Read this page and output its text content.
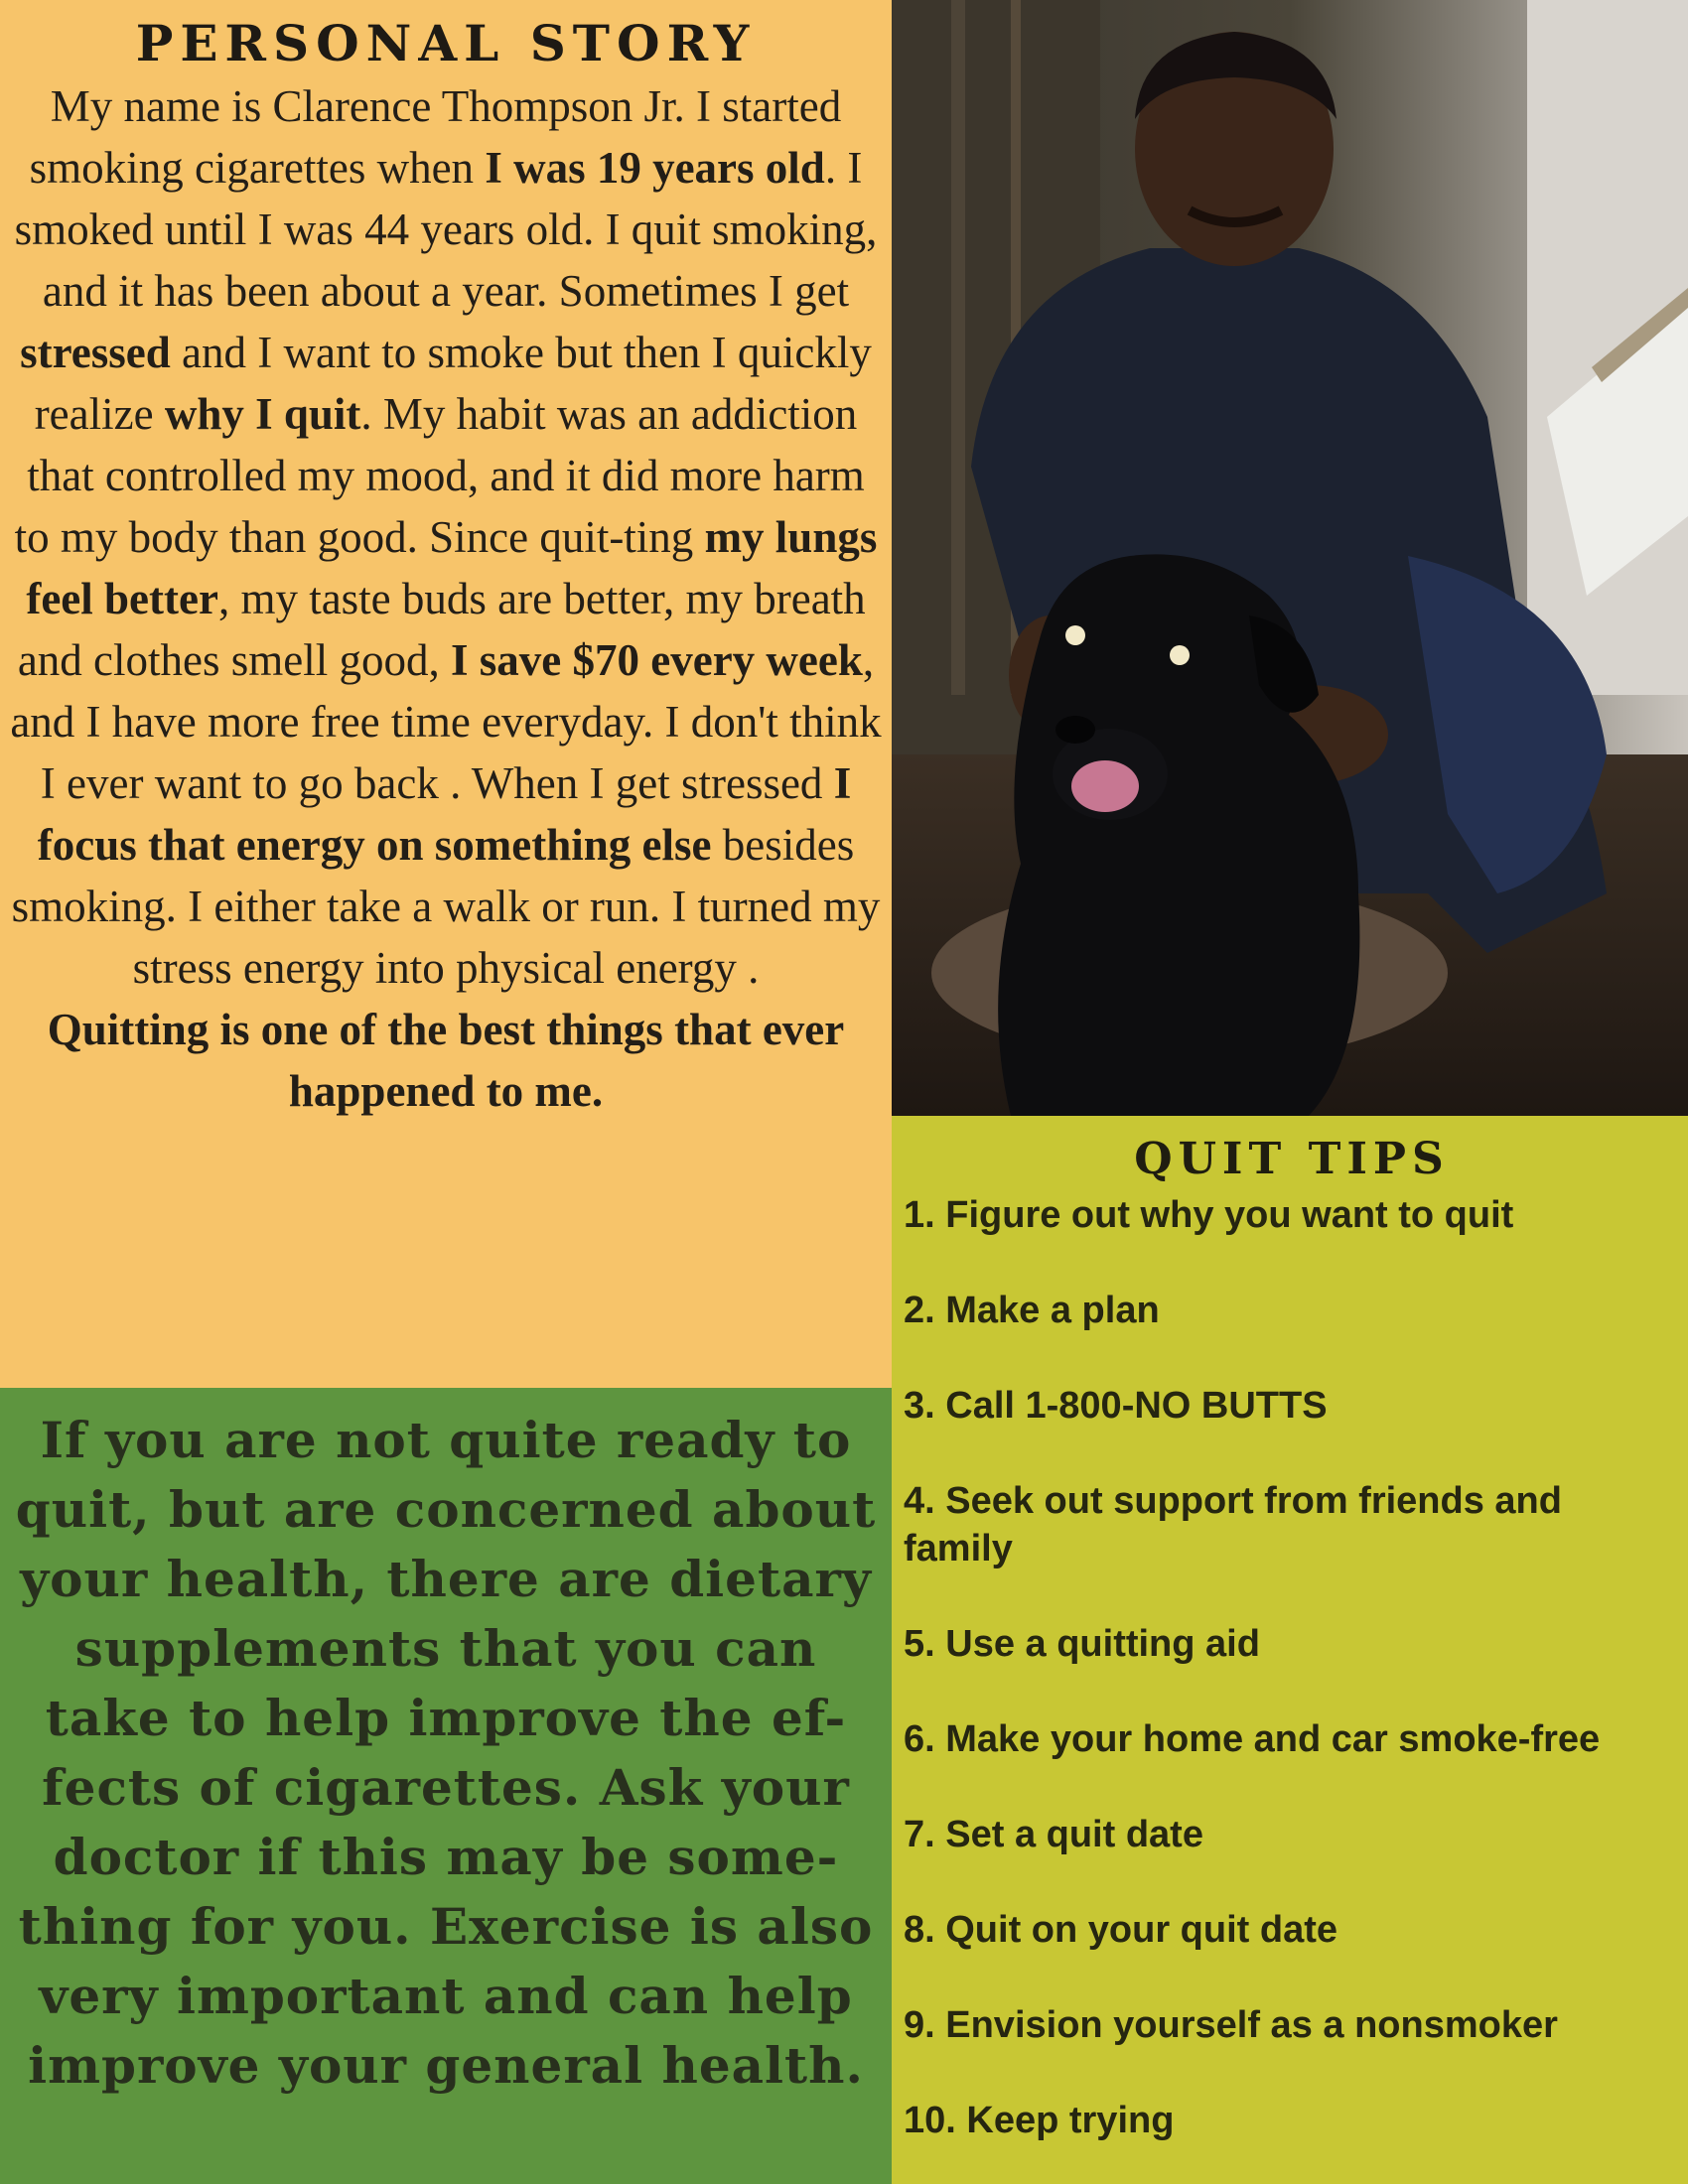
PERSONAL STORY

My name is Clarence Thompson Jr. I started smoking cigarettes when I was 19 years old. I smoked until I was 44 years old. I quit smoking, and it has been about a year. Sometimes I get stressed and I want to smoke but then I quickly realize why I quit. My habit was an addiction that controlled my mood, and it did more harm to my body than good. Since quit-ting my lungs feel better, my taste buds are better, my breath and clothes smell good, I save $70 every week, and I have more free time everyday. I don't think I ever want to go back . When I get stressed I focus that energy on something else besides smoking. I either take a walk or run. I turned my stress energy into physical energy .

Quitting is one of the best things that ever happened to me.

If you are not quite ready to quit, but are concerned about your health, there are dietary supplements that you can take to help improve the ef-fects of cigarettes. Ask your doctor if this may be some-thing for you. Exercise is also very important and can help improve your general health.

QUIT TIPS
1. Figure out why you want to quit
2. Make a plan
3. Call 1-800-NO BUTTS
4. Seek out support from friends and family
5. Use a quitting aid
6. Make your home and car smoke-free
7. Set a quit date
8. Quit on your quit date
9. Envision yourself as a nonsmoker
10. Keep trying
